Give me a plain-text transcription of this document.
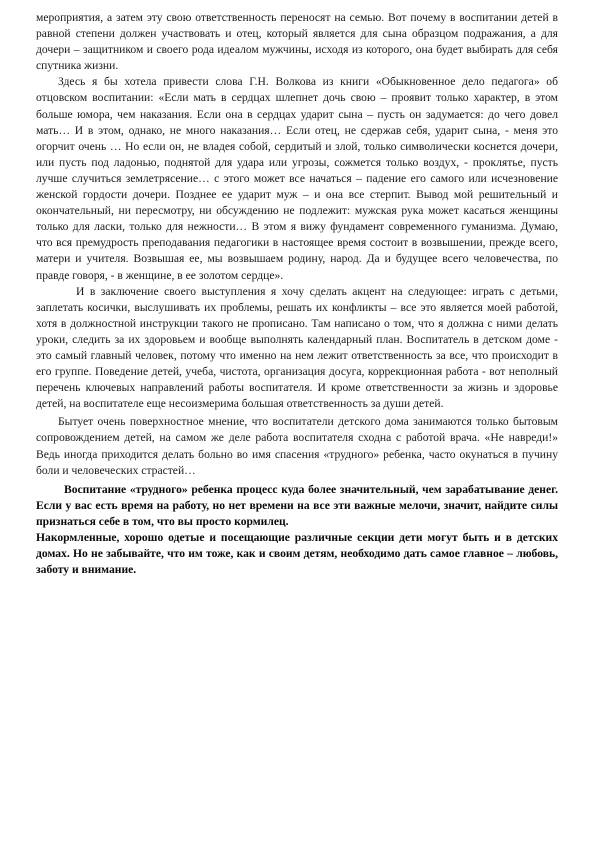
мероприятия, а затем эту свою ответственность переносят на семью. Вот почему в воспитании детей в равной степени должен участвовать и отец, который является для сына образцом подражания, а для дочери – защитником и своего рода идеалом мужчины, исходя из которого, она будет выбирать для себя спутника жизни.

Здесь я бы хотела привести слова Г.Н. Волкова из книги «Обыкновенное дело педагога» об отцовском воспитании: «Если мать в сердцах шлепнет дочь свою – проявит только характер, в этом больше юмора, чем наказания. Если она в сердцах ударит сына – пусть он задумается: до чего довел мать… И в этом, однако, не много наказания… Если отец, не сдержав себя, ударит сына, - меня это огорчит очень … Но если он, не владея собой, сердитый и злой, только символически коснется дочери, или пусть под ладонью, поднятой для удара или угрозы, сожмется только воздух, - проклятье, пусть лучше случиться землетрясение… с этого может все начаться – падение его самого или исчезновение женской гордости дочери. Позднее ее ударит муж – и она все стерпит. Вывод мой решительный и окончательный, ни пересмотру, ни обсуждению не подлежит: мужская рука может касаться женщины только для ласки, только для нежности… В этом я вижу фундамент современного гуманизма. Думаю, что вся премудрость преподавания педагогики в настоящее время состоит в возвышении, прежде всего, матери и учителя. Возвышая ее, мы возвышаем родину, народ. Да и будущее всего человечества, по правде говоря, - в женщине, в ее золотом сердце».

И в заключение своего выступления я хочу сделать акцент на следующее: играть с детьми, заплетать косички, выслушивать их проблемы, решать их конфликты – все это является моей работой, хотя в должностной инструкции такого не прописано. Там написано о том, что я должна с ними делать уроки, следить за их здоровьем и вообще выполнять календарный план. Воспитатель в детском доме - это самый главный человек, потому что именно на нем лежит ответственность за все, что происходит в его группе. Поведение детей, учеба, чистота, организация досуга, коррекционная работа - вот неполный перечень ключевых направлений работы воспитателя. И кроме ответственности за жизнь и здоровье детей, на воспитателе еще несоизмерима большая ответственность за души детей.

Бытует очень поверхностное мнение, что воспитатели детского дома занимаются только бытовым сопровождением детей, на самом же деле работа воспитателя сходна с работой врача. «Не навреди!» Ведь иногда приходится делать больно во имя спасения «трудного» ребенка, часто окунаться в пучину боли и человеческих страстей…

Воспитание «трудного» ребенка процесс куда более значительный, чем зарабатывание денег. Если у вас есть время на работу, но нет времени на все эти важные мелочи, значит, найдите силы признаться себе в том, что вы просто кормилец.

Накормленные, хорошо одетые и посещающие различные секции дети могут быть и в детских домах. Но не забывайте, что им тоже, как и своим детям, необходимо дать самое главное – любовь, заботу и внимание.
